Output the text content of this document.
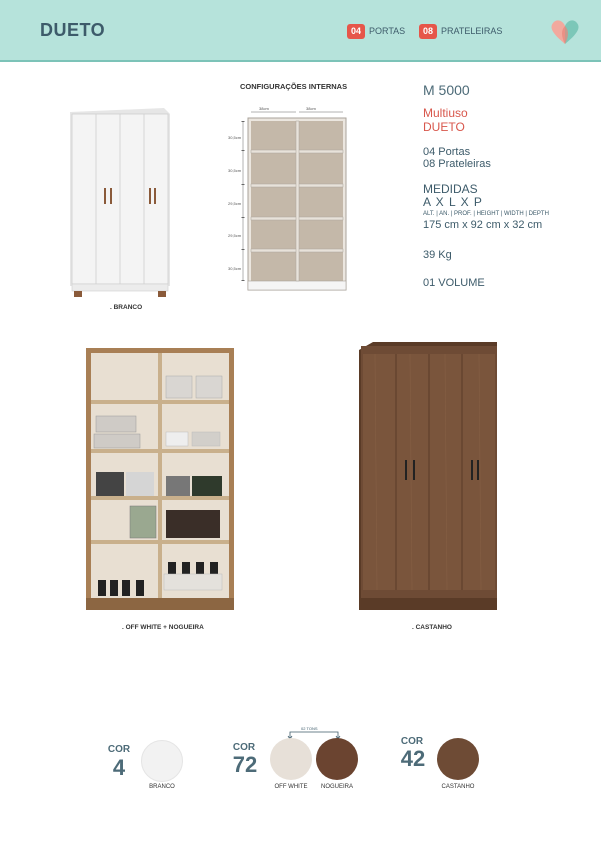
DUETO	04 PORTAS	08 PRATELEIRAS
. BRANCO
CONFIGURAÇÕES INTERNAS
38cm	38cm
30,5cm
30,5cm
29,5cm
29,5cm
30,5cm
M 5000
Multiuso
DUETO
04 Portas
08 Prateleiras
MEDIDAS
A X L X P
ALT. | AN. | PROF. | HEIGHT | WIDTH | DEPTH
175 cm x 92 cm x 32 cm
39 Kg
01 VOLUME
. OFF WHITE + NOGUEIRA	. CASTANHO
COR
4
BRANCO
COR
72
02 TONS
OFF WHITE	NOGUEIRA
COR
42
CASTANHO
